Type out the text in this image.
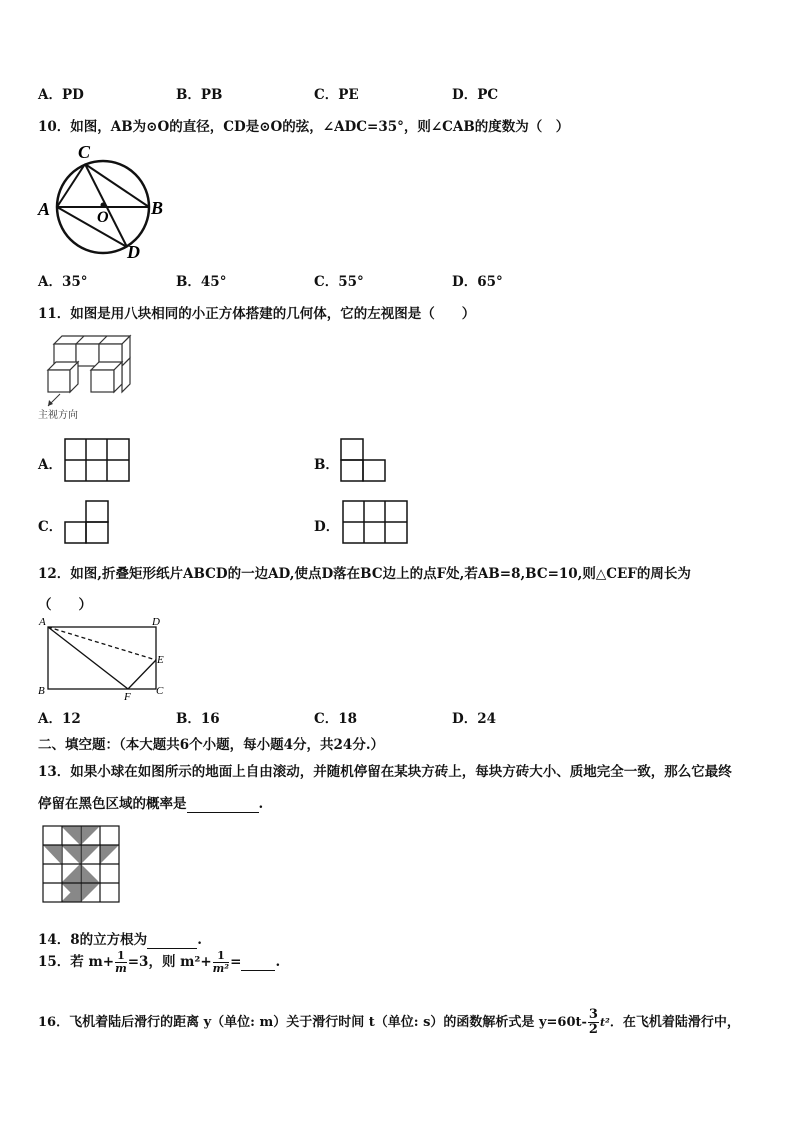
A．PD	B．PB	C．PE	D．PC
10．如图，AB为⊙O的直径，CD是⊙O的弦，∠ADC=35°，则∠CAB的度数为（　）
C
A	B
O
D
A．35°	B．45°	C．55°	D．65°
11．如图是用八块相同的小正方体搭建的几何体，它的左视图是（　　）
主视方向
A．	B．
C．	D．
12．如图,折叠矩形纸片ABCD的一边AD,使点D落在BC边上的点F处,若AB=8,BC=10,则△CEF的周长为
（　　）
A	D
E
B	F C
A．12	B．16	C．18	D．24
二、填空题：（本大题共6个小题，每小题4分，共24分.）
13．如果小球在如图所示的地面上自由滚动，并随机停留在某块方砖上，每块方砖大小、质地完全一致，那么它最终
停留在黑色区域的概率是	.
14．8的立方根为	.
15．若 $m+ \frac{1}{m} =3$，则 $m^2+ \frac{1}{\text{m²}}$ =	.
16．飞机着陆后滑行的距离 y（单位: m）关于滑行时间 t（单位: s）的函数解析式是 $y=60t- \frac{3}{2} t^2$．在飞机着陆滑行中，
